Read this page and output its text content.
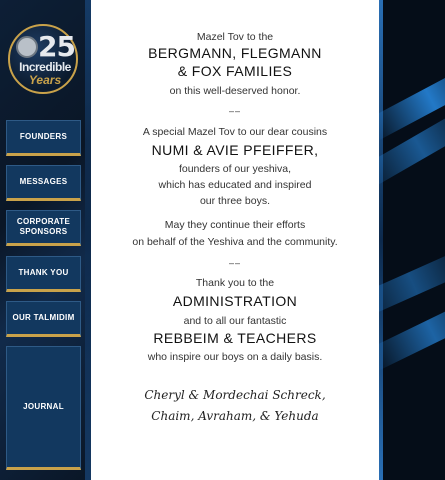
25
Incredible
Years
FOUNDERS
MESSAGES
CORPORATE SPONSORS
THANK YOU
OUR TALMIDIM
JOURNAL
Mazel Tov to the
BERGMANN, FLEGMANN
& FOX FAMILIES
on this well-deserved honor.
––
A special Mazel Tov to our dear cousins
NUMI & AVIE PFEIFFER,
founders of our yeshiva,
which has educated and inspired
our three boys.
May they continue their efforts
on behalf of the Yeshiva and the community.
––
Thank you to the
ADMINISTRATION
and to all our fantastic
REBBEIM & TEACHERS
who inspire our boys on a daily basis.
Cheryl & Mordechai Schreck,
Chaim, Avraham, & Yehuda
